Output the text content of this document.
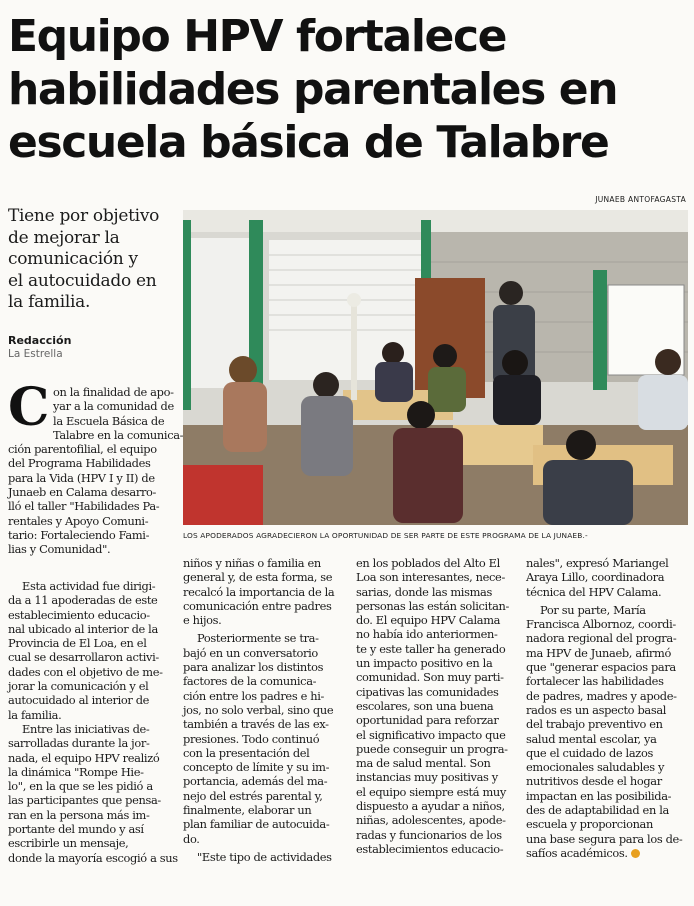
Equipo HPV fortalece
habilidades parentales en
escuela básica de Talabre
JUNAEB ANTOFAGASTA
Tiene por objetivo
de mejorar la
comunicación y
el autocuidado en
la familia.
Redacción
La Estrella
LOS APODERADOS AGRADECIERON LA OPORTUNIDAD DE SER PARTE DE ESTE PROGRAMA DE LA JUNAEB.-

C on la finalidad de apo-
yar a la comunidad de
la Escuela Básica de
Talabre en la comunica-
ción parentofilial, el equipo
del Programa Habilidades
para la Vida (HPV I y II) de
Junaeb en Calama desarro-
lló el taller "Habilidades Pa-
rentales y Apoyo Comuni-
tario: Fortaleciendo Fami-
lias y Comunidad".

Esta actividad fue dirigi-
da a 11 apoderadas de este
establecimiento educacio-
nal ubicado al interior de la
Provincia de El Loa, en el
cual se desarrollaron activi-
dades con el objetivo de me-
jorar la comunicación y el
autocuidado al interior de
la familia.
Entre las iniciativas de-
sarrolladas durante la jor-
nada, el equipo HPV realizó
la dinámica "Rompe Hie-
lo", en la que se les pidió a
las participantes que pensa-
ran en la persona más im-
portante del mundo y así
escribirle un mensaje,
donde la mayoría escogió a sus
niños y niñas o familia en
general y, de esta forma, se
recalcó la importancia de la
comunicación entre padres
e hijos.
Posteriormente se tra-
bajó en un conversatorio
para analizar los distintos
factores de la comunica-
ción entre los padres e hi-
jos, no solo verbal, sino que
también a través de las ex-
presiones. Todo continuó
con la presentación del
concepto de límite y su im-
portancia, además del ma-
nejo del estrés parental y,
finalmente, elaborar un
plan familiar de autocuida-
do.
"Este tipo de actividades
en los poblados del Alto El
Loa son interesantes, nece-
sarias, donde las mismas
personas las están solicitan-
do. El equipo HPV Calama
no había ido anteriormen-
te y este taller ha generado
un impacto positivo en la
comunidad. Son muy parti-
cipativas las comunidades
escolares, son una buena
oportunidad para reforzar
el significativo impacto que
puede conseguir un progra-
ma de salud mental. Son
instancias muy positivas y
el equipo siempre está muy
dispuesto a ayudar a niños,
niñas, adolescentes, apode-
radas y funcionarios de los
establecimientos educacio-
nales", expresó Mariangel
Araya Lillo, coordinadora
técnica del HPV Calama.
Por su parte, María
Francisca Albornoz, coordi-
nadora regional del progra-
ma HPV de Junaeb, afirmó
que "generar espacios para
fortalecer las habilidades
de padres, madres y apode-
rados es un aspecto basal
del trabajo preventivo en
salud mental escolar, ya
que el cuidado de lazos
emocionales saludables y
nutritivos desde el hogar
impactan en las posibilida-
des de adaptabilidad en la
escuela y proporcionan
una base segura para los de-
safíos académicos.
